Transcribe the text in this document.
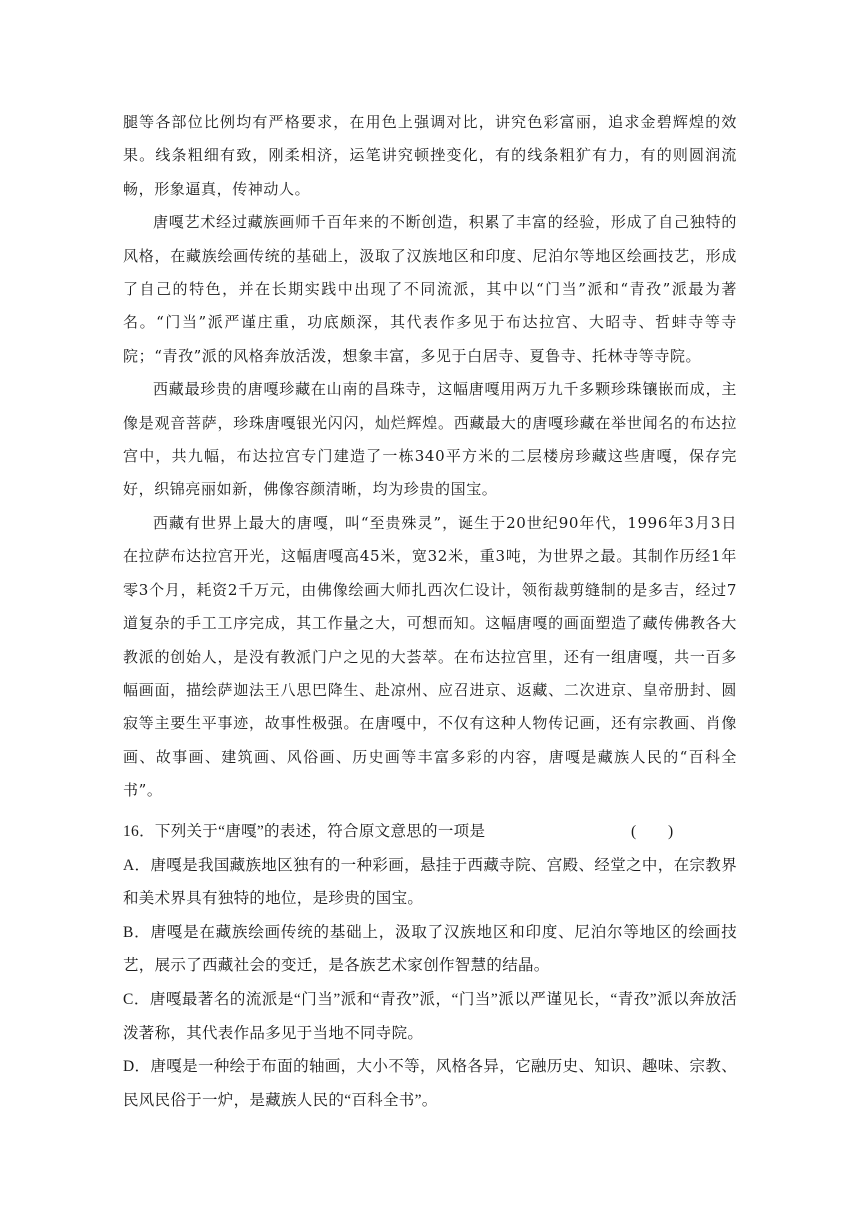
腿等各部位比例均有严格要求，在用色上强调对比，讲究色彩富丽，追求金碧辉煌的效果。线条粗细有致，刚柔相济，运笔讲究顿挫变化，有的线条粗犷有力，有的则圆润流畅，形象逼真，传神动人。

唐嘎艺术经过藏族画师千百年来的不断创造，积累了丰富的经验，形成了自己独特的风格，在藏族绘画传统的基础上，汲取了汉族地区和印度、尼泊尔等地区绘画技艺，形成了自己的特色，并在长期实践中出现了不同流派，其中以“门当”派和“青孜”派最为著名。“门当”派严谨庄重，功底颇深，其代表作多见于布达拉宫、大昭寺、哲蚌寺等寺院；“青孜”派的风格奔放活泼，想象丰富，多见于白居寺、夏鲁寺、托林寺等寺院。

西藏最珍贵的唐嘎珍藏在山南的昌珠寺，这幅唐嘎用两万九千多颗珍珠镶嵌而成，主像是观音菩萨，珍珠唐嘎银光闪闪，灿烂辉煌。西藏最大的唐嘎珍藏在举世闻名的布达拉宫中，共九幅，布达拉宫专门建造了一栋340平方米的二层楼房珍藏这些唐嘎，保存完好，织锦亮丽如新，佛像容颜清晰，均为珍贵的国宝。

西藏有世界上最大的唐嘎，叫“至贵殊灵”，诞生于20世纪90年代，1996年3月3日在拉萨布达拉宫开光，这幅唐嘎高45米，宽32米，重3吨，为世界之最。其制作历经1年零3个月，耗资2千万元，由佛像绘画大师扎西次仁设计，领衔裁剪缝制的是多吉，经过7道复杂的手工工序完成，其工作量之大，可想而知。这幅唐嘎的画面塑造了藏传佛教各大教派的创始人，是没有教派门户之见的大荟萃。在布达拉宫里，还有一组唐嘎，共一百多幅画面，描绘萨迦法王八思巴降生、赴凉州、应召进京、返藏、二次进京、皇帝册封、圆寂等主要生平事迹，故事性极强。在唐嘎中，不仅有这种人物传记画，还有宗教画、肖像画、故事画、建筑画、风俗画、历史画等丰富多彩的内容，唐嘎是藏族人民的“百科全书”。

16．下列关于“唐嘎”的表述，符合原文意思的一项是	(　　)

A．唐嘎是我国藏族地区独有的一种彩画，悬挂于西藏寺院、宫殿、经堂之中，在宗教界和美术界具有独特的地位，是珍贵的国宝。

B．唐嘎是在藏族绘画传统的基础上，汲取了汉族地区和印度、尼泊尔等地区的绘画技艺，展示了西藏社会的变迁，是各族艺术家创作智慧的结晶。

C．唐嘎最著名的流派是“门当”派和“青孜”派，“门当”派以严谨见长，“青孜”派以奔放活泼著称，其代表作品多见于当地不同寺院。

D．唐嘎是一种绘于布面的轴画，大小不等，风格各异，它融历史、知识、趣味、宗教、民风民俗于一炉，是藏族人民的“百科全书”。
